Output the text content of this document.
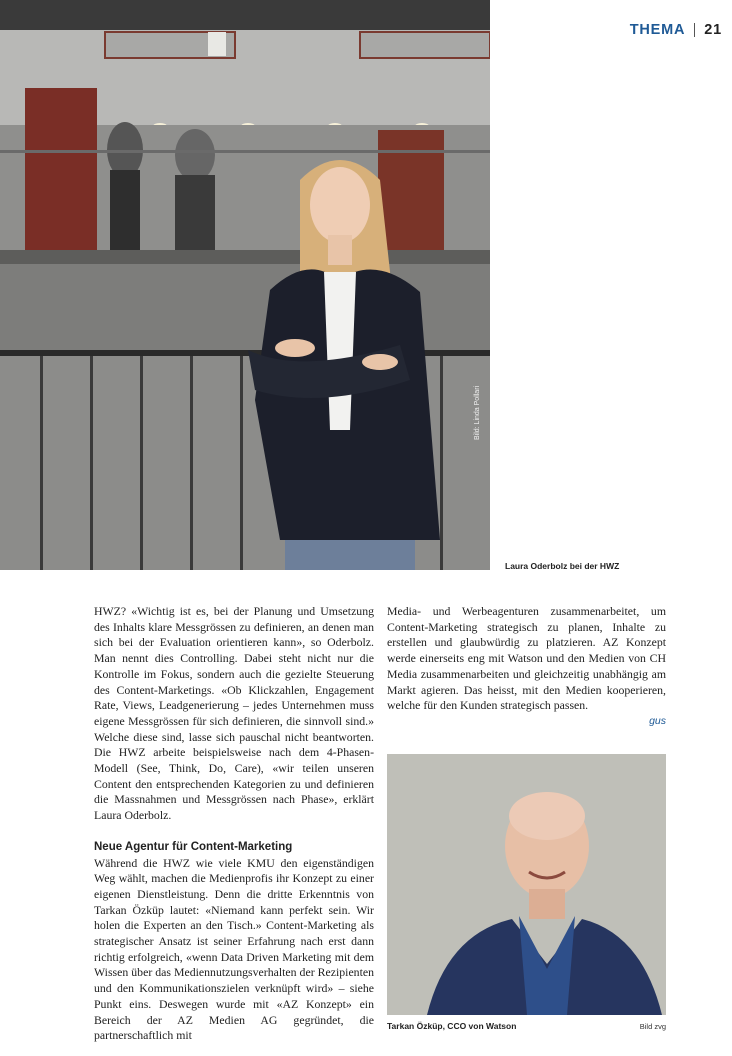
THEMA 21
Bild: Linda Pollari
Laura Oderbolz bei der HWZ

HWZ? «Wichtig ist es, bei der Planung und Umsetzung des Inhalts klare Messgrössen zu definieren, an denen man sich bei der Evaluation orientieren kann», so Oderbolz. Man nennt dies Controlling. Dabei steht nicht nur die Kontrolle im Fokus, sondern auch die gezielte Steuerung des Content-Marketings. «Ob Klickzahlen, Engagement Rate, Views, Leadgenerierung – jedes Unternehmen muss eigene Messgrössen für sich definieren, die sinnvoll sind.» Welche diese sind, lasse sich pauschal nicht beantworten. Die HWZ arbeite beispielsweise nach dem 4-Phasen-Modell (See, Think, Do, Care), «wir teilen unseren Content den entsprechenden Kategorien zu und definieren die Massnahmen und Messgrössen nach Phase», erklärt Laura Oderbolz.

Neue Agentur für Content-Marketing

Während die HWZ wie viele KMU den eigenständigen Weg wählt, machen die Medienprofis ihr Konzept zu einer eigenen Dienstleistung. Denn die dritte Erkenntnis von Tarkan Özküp lautet: «Niemand kann perfekt sein. Wir holen die Experten an den Tisch.» Content-Marketing als strategischer Ansatz ist seiner Erfahrung nach erst dann richtig erfolgreich, «wenn Data Driven Marketing mit dem Wissen über das Mediennutzungsverhalten der Rezipienten und den Kommunikationszielen verknüpft wird» – siehe Punkt eins. Deswegen wurde mit «AZ Konzept» ein Bereich der AZ Medien AG gegründet, die partnerschaftlich mit

Media- und Werbeagenturen zusammenarbeitet, um Content-Marketing strategisch zu planen, Inhalte zu erstellen und glaubwürdig zu platzieren. AZ Konzept werde einerseits eng mit Watson und den Medien von CH Media zusammenarbeiten und gleichzeitig unabhängig am Markt agieren. Das heisst, mit den Medien kooperieren, welche für den Kunden strategisch passen.

gus

Tarkan Özküp, CCO von Watson	Bild zvg
